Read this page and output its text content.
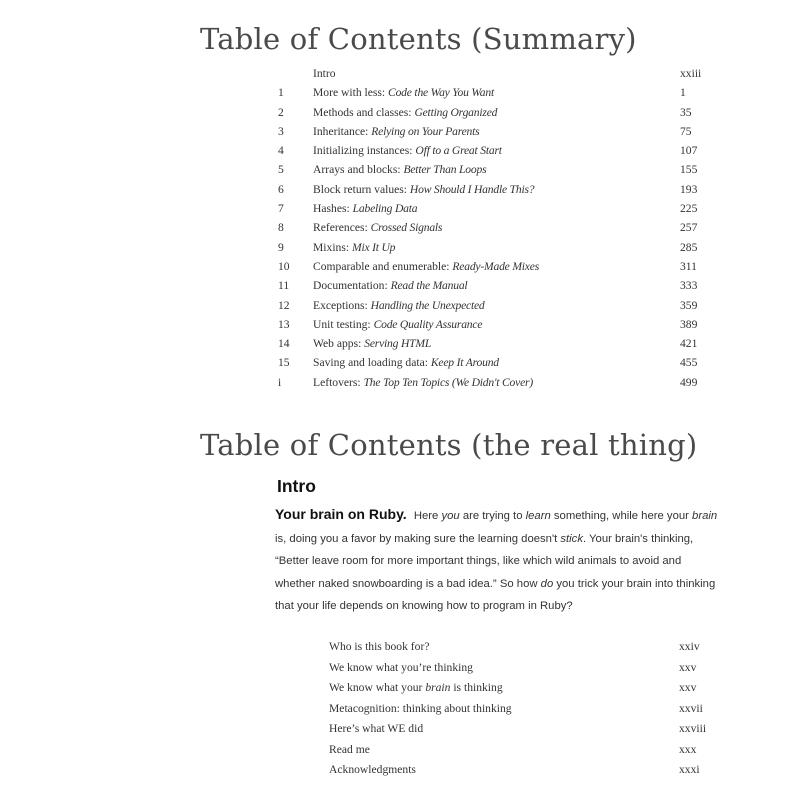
Table of Contents (Summary)
Intro	xxiii
1	More with less: Code the Way You Want	1
2	Methods and classes: Getting Organized	35
3	Inheritance: Relying on Your Parents	75
4	Initializing instances: Off to a Great Start	107
5	Arrays and blocks: Better Than Loops	155
6	Block return values: How Should I Handle This?	193
7	Hashes: Labeling Data	225
8	References: Crossed Signals	257
9	Mixins: Mix It Up	285
10 Comparable and enumerable: Ready-Made Mixes	311
11 Documentation: Read the Manual	333
12 Exceptions: Handling the Unexpected	359
13 Unit testing: Code Quality Assurance	389
14 Web apps: Serving HTML	421
15 Saving and loading data: Keep It Around	455
i	Leftovers: The Top Ten Topics (We Didn't Cover)	499
Table of Contents (the real thing)
Intro
Your brain on Ruby. Here you are trying to learn something, while here your brain is, doing you a favor by making sure the learning doesn't stick. Your brain's thinking, “Better leave room for more important things, like which wild animals to avoid and whether naked snowboarding is a bad idea.” So how do you trick your brain into thinking that your life depends on knowing how to program in Ruby?
Who is this book for?	xxiv
We know what you’re thinking	xxv
We know what your brain is thinking	xxv
Metacognition: thinking about thinking	xxvii
Here’s what WE did	xxviii
Read me	xxx
Acknowledgments	xxxi
